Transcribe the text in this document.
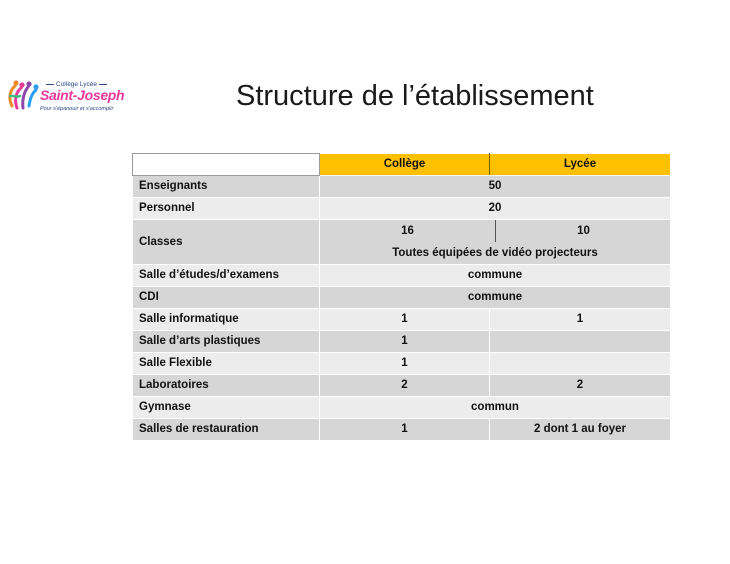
Collège Lycée
Saint-Joseph
Pour s'épanouir et s'accomplir	Structure de l’établissement
	Collège	Lycée
Enseignants	50	
Personnel	20	
Classes	16 10
Toutes équipées de vidéo projecteurs	

Salle d’études/d’examens	commune	
CDI	commune	
Salle informatique	1	1
Salle d’arts plastiques	1	
Salle Flexible	1	
Laboratoires	2	2
Gymnase	commun	
Salles de restauration	1	2 dont 1 au foyer
